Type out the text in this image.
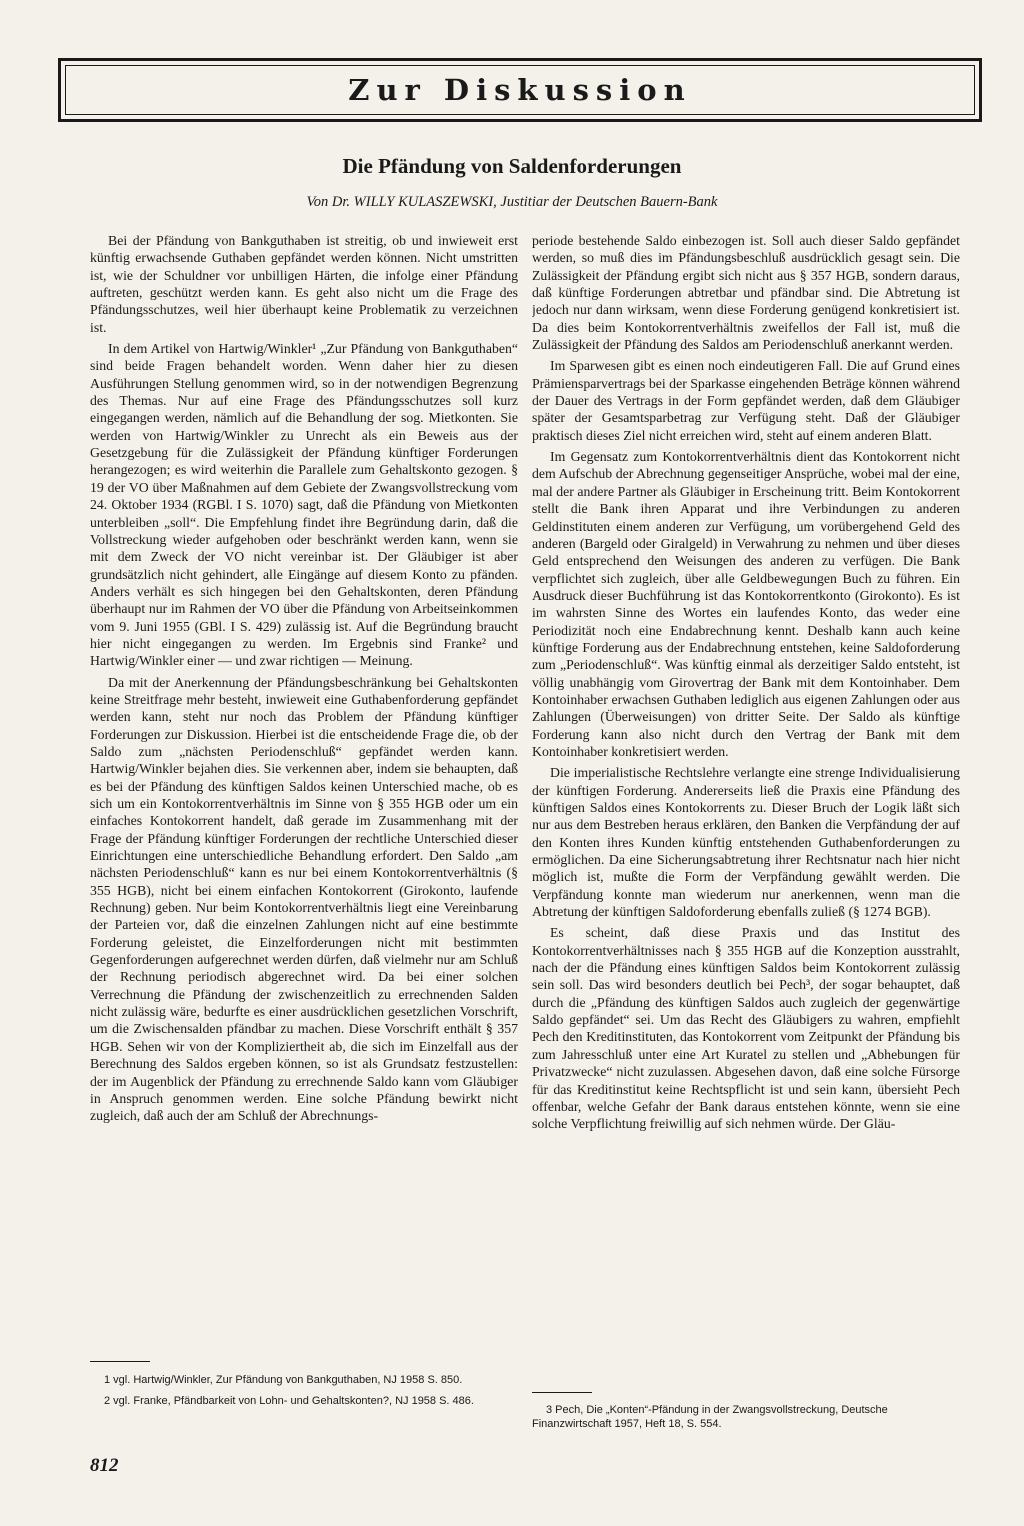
Zur Diskussion
Die Pfändung von Saldenforderungen
Von Dr. WILLY KULASZEWSKI, Justitiar der Deutschen Bauern-Bank

Bei der Pfändung von Bankguthaben ist streitig, ob und inwieweit erst künftig erwachsende Guthaben gepfändet werden können. Nicht umstritten ist, wie der Schuldner vor unbilligen Härten, die infolge einer Pfändung auftreten, geschützt werden kann. Es geht also nicht um die Frage des Pfändungsschutzes, weil hier überhaupt keine Problematik zu verzeichnen ist.

In dem Artikel von Hartwig/Winkler¹ „Zur Pfändung von Bankguthaben“ sind beide Fragen behandelt worden. Wenn daher hier zu diesen Ausführungen Stellung genommen wird, so in der notwendigen Begrenzung des Themas. Nur auf eine Frage des Pfändungsschutzes soll kurz eingegangen werden, nämlich auf die Behandlung der sog. Mietkonten. Sie werden von Hartwig/Winkler zu Unrecht als ein Beweis aus der Gesetzgebung für die Zulässigkeit der Pfändung künftiger Forderungen herangezogen; es wird weiterhin die Parallele zum Gehaltskonto gezogen. § 19 der VO über Maßnahmen auf dem Gebiete der Zwangsvollstreckung vom 24. Oktober 1934 (RGBl. I S. 1070) sagt, daß die Pfändung von Mietkonten unterbleiben „soll“. Die Empfehlung findet ihre Begründung darin, daß die Vollstreckung wieder aufgehoben oder beschränkt werden kann, wenn sie mit dem Zweck der VO nicht vereinbar ist. Der Gläubiger ist aber grundsätzlich nicht gehindert, alle Eingänge auf diesem Konto zu pfänden. Anders verhält es sich hingegen bei den Gehaltskonten, deren Pfändung überhaupt nur im Rahmen der VO über die Pfändung von Arbeitseinkommen vom 9. Juni 1955 (GBl. I S. 429) zulässig ist. Auf die Begründung braucht hier nicht eingegangen zu werden. Im Ergebnis sind Franke² und Hartwig/Winkler einer — und zwar richtigen — Meinung.

Da mit der Anerkennung der Pfändungsbeschränkung bei Gehaltskonten keine Streitfrage mehr besteht, inwieweit eine Guthabenforderung gepfändet werden kann, steht nur noch das Problem der Pfändung künftiger Forderungen zur Diskussion. Hierbei ist die entscheidende Frage die, ob der Saldo zum „nächsten Periodenschluß“ gepfändet werden kann. Hartwig/Winkler bejahen dies. Sie verkennen aber, indem sie behaupten, daß es bei der Pfändung des künftigen Saldos keinen Unterschied mache, ob es sich um ein Kontokorrentverhältnis im Sinne von § 355 HGB oder um ein einfaches Kontokorrent handelt, daß gerade im Zusammenhang mit der Frage der Pfändung künftiger Forderungen der rechtliche Unterschied dieser Einrichtungen eine unterschiedliche Behandlung erfordert. Den Saldo „am nächsten Periodenschluß“ kann es nur bei einem Kontokorrentverhältnis (§ 355 HGB), nicht bei einem einfachen Kontokorrent (Girokonto, laufende Rechnung) geben. Nur beim Kontokorrentverhältnis liegt eine Vereinbarung der Parteien vor, daß die einzelnen Zahlungen nicht auf eine bestimmte Forderung geleistet, die Einzelforderungen nicht mit bestimmten Gegenforderungen aufgerechnet werden dürfen, daß vielmehr nur am Schluß der Rechnung periodisch abgerechnet wird. Da bei einer solchen Verrechnung die Pfändung der zwischenzeitlich zu errechnenden Salden nicht zulässig wäre, bedurfte es einer ausdrücklichen gesetzlichen Vorschrift, um die Zwischensalden pfändbar zu machen. Diese Vorschrift enthält § 357 HGB. Sehen wir von der Kompliziertheit ab, die sich im Einzelfall aus der Berechnung des Saldos ergeben können, so ist als Grundsatz festzustellen: der im Augenblick der Pfändung zu errechnende Saldo kann vom Gläubiger in Anspruch genommen werden. Eine solche Pfändung bewirkt nicht zugleich, daß auch der am Schluß der Abrechnungs-

periode bestehende Saldo einbezogen ist. Soll auch dieser Saldo gepfändet werden, so muß dies im Pfändungsbeschluß ausdrücklich gesagt sein. Die Zulässigkeit der Pfändung ergibt sich nicht aus § 357 HGB, sondern daraus, daß künftige Forderungen abtretbar und pfändbar sind. Die Abtretung ist jedoch nur dann wirksam, wenn diese Forderung genügend konkretisiert ist. Da dies beim Kontokorrentverhältnis zweifellos der Fall ist, muß die Zulässigkeit der Pfändung des Saldos am Periodenschluß anerkannt werden.

Im Sparwesen gibt es einen noch eindeutigeren Fall. Die auf Grund eines Prämiensparvertrags bei der Sparkasse eingehenden Beträge können während der Dauer des Vertrags in der Form gepfändet werden, daß dem Gläubiger später der Gesamtsparbetrag zur Verfügung steht. Daß der Gläubiger praktisch dieses Ziel nicht erreichen wird, steht auf einem anderen Blatt.

Im Gegensatz zum Kontokorrentverhältnis dient das Kontokorrent nicht dem Aufschub der Abrechnung gegenseitiger Ansprüche, wobei mal der eine, mal der andere Partner als Gläubiger in Erscheinung tritt. Beim Kontokorrent stellt die Bank ihren Apparat und ihre Verbindungen zu anderen Geldinstituten einem anderen zur Verfügung, um vorübergehend Geld des anderen (Bargeld oder Giralgeld) in Verwahrung zu nehmen und über dieses Geld entsprechend den Weisungen des anderen zu verfügen. Die Bank verpflichtet sich zugleich, über alle Geldbewegungen Buch zu führen. Ein Ausdruck dieser Buchführung ist das Kontokorrentkonto (Girokonto). Es ist im wahrsten Sinne des Wortes ein laufendes Konto, das weder eine Periodizität noch eine Endabrechnung kennt. Deshalb kann auch keine künftige Forderung aus der Endabrechnung entstehen, keine Saldoforderung zum „Periodenschluß“. Was künftig einmal als derzeitiger Saldo entsteht, ist völlig unabhängig vom Girovertrag der Bank mit dem Kontoinhaber. Dem Kontoinhaber erwachsen Guthaben lediglich aus eigenen Zahlungen oder aus Zahlungen (Überweisungen) von dritter Seite. Der Saldo als künftige Forderung kann also nicht durch den Vertrag der Bank mit dem Kontoinhaber konkretisiert werden.

Die imperialistische Rechtslehre verlangte eine strenge Individualisierung der künftigen Forderung. Andererseits ließ die Praxis eine Pfändung des künftigen Saldos eines Kontokorrents zu. Dieser Bruch der Logik läßt sich nur aus dem Bestreben heraus erklären, den Banken die Verpfändung der auf den Konten ihres Kunden künftig entstehenden Guthabenforderungen zu ermöglichen. Da eine Sicherungsabtretung ihrer Rechtsnatur nach hier nicht möglich ist, mußte die Form der Verpfändung gewählt werden. Die Verpfändung konnte man wiederum nur anerkennen, wenn man die Abtretung der künftigen Saldoforderung ebenfalls zuließ (§ 1274 BGB).

Es scheint, daß diese Praxis und das Institut des Kontokorrentverhältnisses nach § 355 HGB auf die Konzeption ausstrahlt, nach der die Pfändung eines künftigen Saldos beim Kontokorrent zulässig sein soll. Das wird besonders deutlich bei Pech³, der sogar behauptet, daß durch die „Pfändung des künftigen Saldos auch zugleich der gegenwärtige Saldo gepfändet“ sei. Um das Recht des Gläubigers zu wahren, empfiehlt Pech den Kreditinstituten, das Kontokorrent vom Zeitpunkt der Pfändung bis zum Jahresschluß unter eine Art Kuratel zu stellen und „Abhebungen für Privatzwecke“ nicht zuzulassen. Abgesehen davon, daß eine solche Fürsorge für das Kreditinstitut keine Rechtspflicht ist und sein kann, übersieht Pech offenbar, welche Gefahr der Bank daraus entstehen könnte, wenn sie eine solche Verpflichtung freiwillig auf sich nehmen würde. Der Gläu-

1 vgl. Hartwig/Winkler, Zur Pfändung von Bankguthaben, NJ 1958 S. 850.
2 vgl. Franke, Pfändbarkeit von Lohn- und Gehaltskonten?, NJ 1958 S. 486.
3 Pech, Die „Konten“-Pfändung in der Zwangsvollstreckung, Deutsche Finanzwirtschaft 1957, Heft 18, S. 554.
812
